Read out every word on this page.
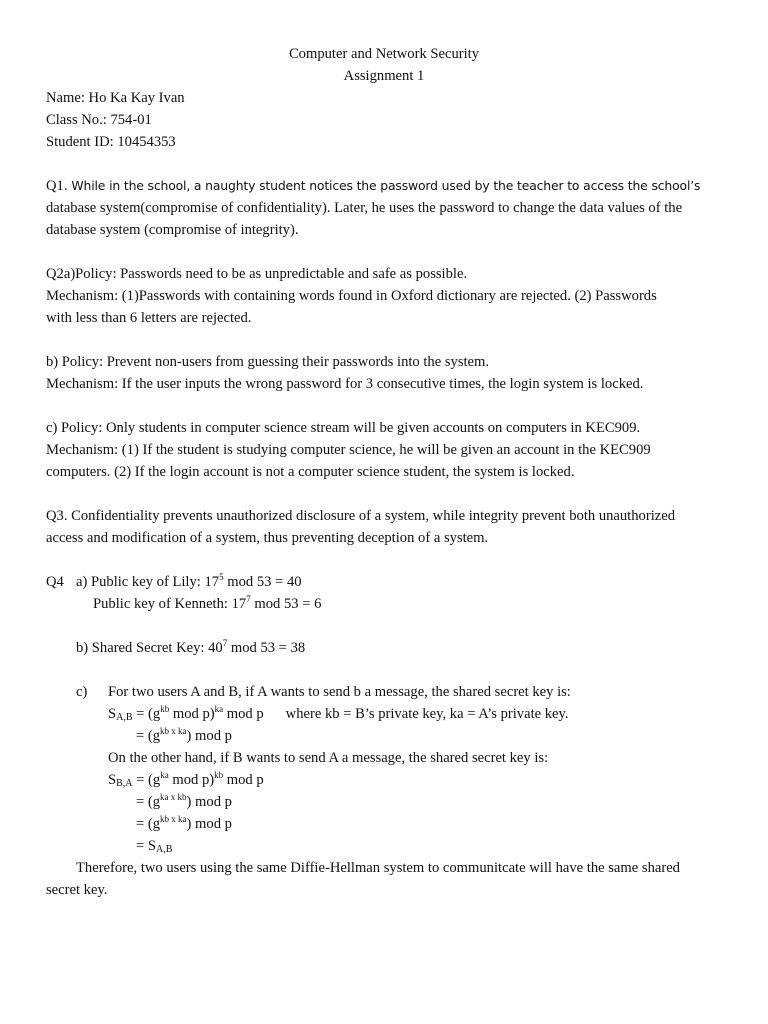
Computer and Network Security
Assignment 1
Name: Ho Ka Kay Ivan
Class No.: 754-01
Student ID: 10454353
Q1. While in the school, a naughty student notices the password used by the teacher to access the school’s
database system(compromise of confidentiality). Later, he uses the password to change the data values of the
database system (compromise of integrity).
Q2a)Policy: Passwords need to be as unpredictable and safe as possible.
Mechanism: (1)Passwords with containing words found in Oxford dictionary are rejected. (2) Passwords
with less than 6 letters are rejected.
b) Policy: Prevent non-users from guessing their passwords into the system.
Mechanism: If the user inputs the wrong password for 3 consecutive times, the login system is locked.
c) Policy: Only students in computer science stream will be given accounts on computers in KEC909.
Mechanism: (1) If the student is studying computer science, he will be given an account in the KEC909
computers. (2) If the login account is not a computer science student, the system is locked.
Q3. Confidentiality prevents unauthorized disclosure of a system, while integrity prevent both unauthorized
access and modification of a system, thus preventing deception of a system.
Q4 a) Public key of Lily: $17^5$ mod 53 = 40
Public key of Kenneth: $17^7$ mod 53 = 6
b) Shared Secret Key: $40^7$ mod 53 = 38
c) For two users A and B, if A wants to send b a message, the shared secret key is:
$S_{A,B} = (g^{kb}$ mod p)$^{ka}$ mod p where kb = B’s private key, ka = A’s private key.
= $(g^{kb x ka})$ mod p
On the other hand, if B wants to send A a message, the shared secret key is:
$S_{B,A} = (g^{ka}$ mod p)$^{kb}$ mod p
= $(g^{ka x kb})$ mod p
= $(g^{kb x ka})$ mod p
= $S_{A,B}$
Therefore, two users using the same Diffie-Hellman system to communitcate will have the same shared
secret key.
